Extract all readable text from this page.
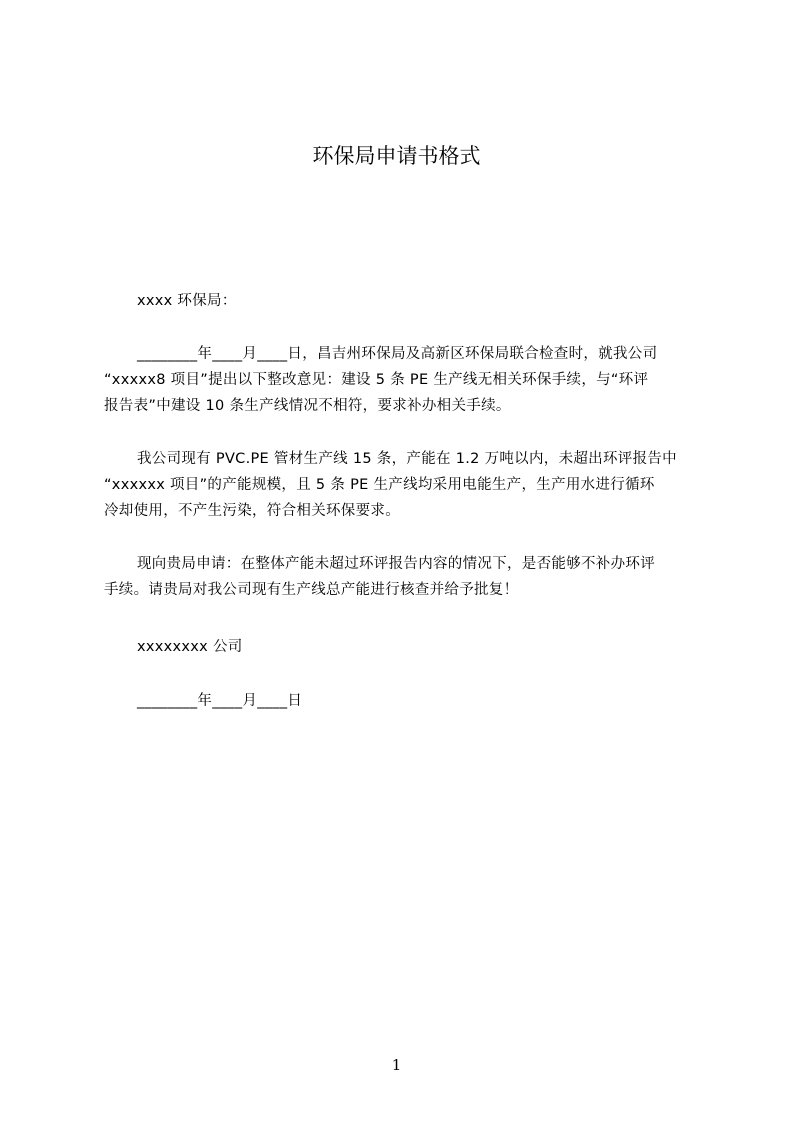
环保局申请书格式
xxxx 环保局：
________年____月____日，昌吉州环保局及高新区环保局联合检查时，就我公司
“xxxxx8 项目”提出以下整改意见：建设 5 条 PE 生产线无相关环保手续，与“环评
报告表”中建设 10 条生产线情况不相符，要求补办相关手续。
我公司现有 PVC.PE 管材生产线 15 条，产能在 1.2 万吨以内，未超出环评报告中
“xxxxxx 项目”的产能规模，且 5 条 PE 生产线均采用电能生产，生产用水进行循环
冷却使用，不产生污染，符合相关环保要求。
现向贵局申请：在整体产能未超过环评报告内容的情况下，是否能够不补办环评
手续。请贵局对我公司现有生产线总产能进行核查并给予批复！
xxxxxxxx 公司
________年____月____日
1
